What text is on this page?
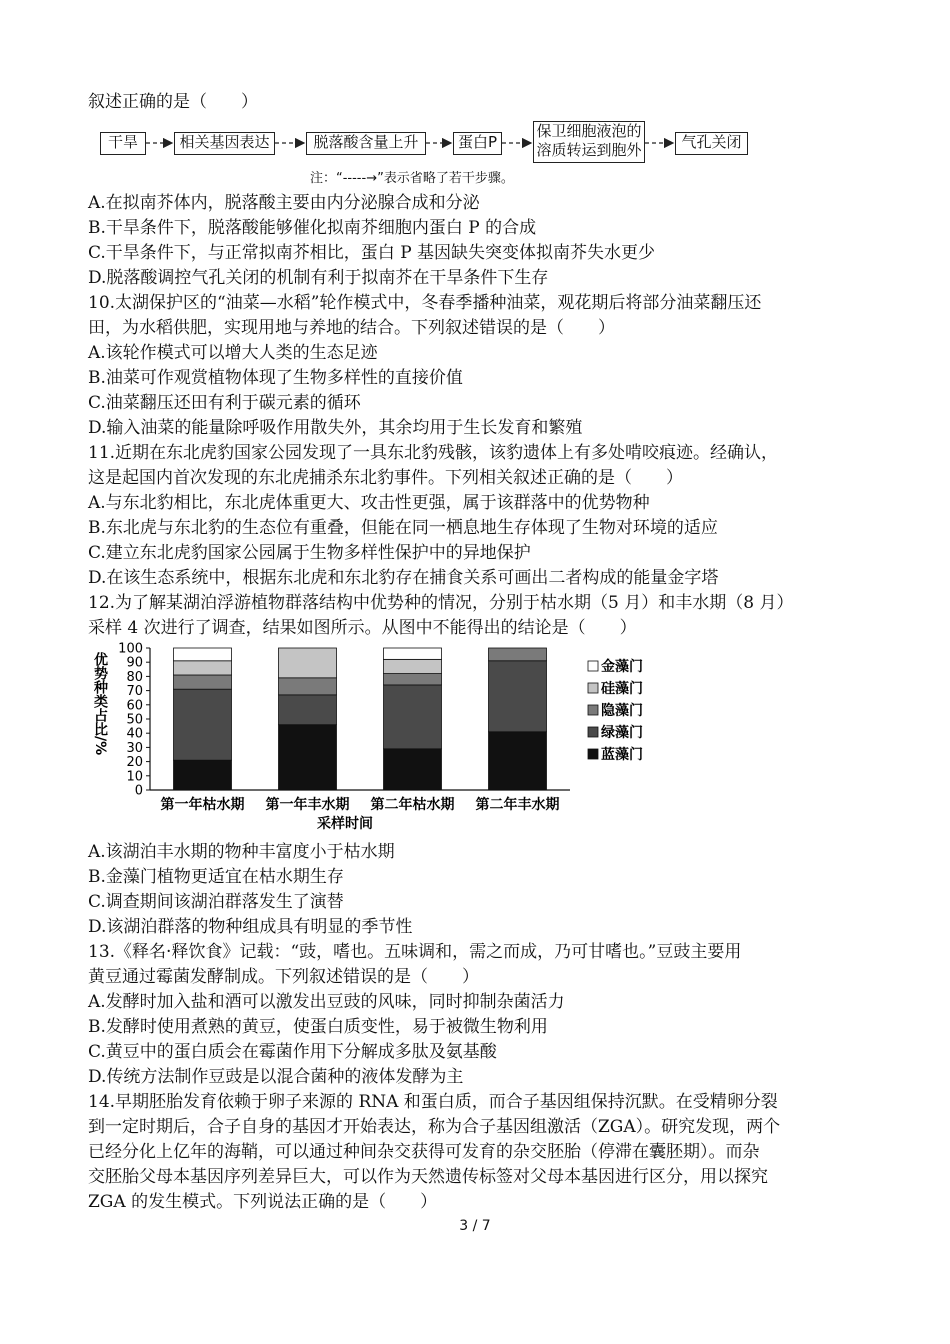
叙述正确的是（　　）
干旱	相关基因表达	脱落酸含量上升	蛋白P
保卫细胞液泡的
溶质转运到胞外	气孔关闭
注：“-----→”表示省略了若干步骤。
A.在拟南芥体内，脱落酸主要由内分泌腺合成和分泌
B.干旱条件下，脱落酸能够催化拟南芥细胞内蛋白 P 的合成
C.干旱条件下，与正常拟南芥相比，蛋白 P 基因缺失突变体拟南芥失水更少
D.脱落酸调控气孔关闭的机制有利于拟南芥在干旱条件下生存
10.太湖保护区的“油菜—水稻”轮作模式中，冬春季播种油菜，观花期后将部分油菜翻压还
田，为水稻供肥，实现用地与养地的结合。下列叙述错误的是（　　）
A.该轮作模式可以增大人类的生态足迹
B.油菜可作观赏植物体现了生物多样性的直接价值
C.油菜翻压还田有利于碳元素的循环
D.输入油菜的能量除呼吸作用散失外，其余均用于生长发育和繁殖
11.近期在东北虎豹国家公园发现了一具东北豹残骸，该豹遗体上有多处啃咬痕迹。经确认，
这是起国内首次发现的东北虎捕杀东北豹事件。下列相关叙述正确的是（　　）
A.与东北豹相比，东北虎体重更大、攻击性更强，属于该群落中的优势物种
B.东北虎与东北豹的生态位有重叠，但能在同一栖息地生存体现了生物对环境的适应
C.建立东北虎豹国家公园属于生物多样性保护中的异地保护
D.在该生态系统中，根据东北虎和东北豹存在捕食关系可画出二者构成的能量金字塔
12.为了解某湖泊浮游植物群落结构中优势种的情况，分别于枯水期（5 月）和丰水期（8 月）
采样 4 次进行了调查，结果如图所示。从图中不能得出的结论是（　　）
优势种类占比/%
0
10
20
30
40
50
60
70
80
90
100
第一年枯水期 第一年丰水期 第二年枯水期 第二年丰水期
采样时间
金藻门
硅藻门
隐藻门
绿藻门
蓝藻门
A.该湖泊丰水期的物种丰富度小于枯水期
B.金藻门植物更适宜在枯水期生存
C.调查期间该湖泊群落发生了演替
D.该湖泊群落的物种组成具有明显的季节性
13.《释名·释饮食》记载：“豉，嗜也。五味调和，需之而成，乃可甘嗜也。”豆豉主要用
黄豆通过霉菌发酵制成。下列叙述错误的是（　　）
A.发酵时加入盐和酒可以激发出豆豉的风味，同时抑制杂菌活力
B.发酵时使用煮熟的黄豆，使蛋白质变性，易于被微生物利用
C.黄豆中的蛋白质会在霉菌作用下分解成多肽及氨基酸
D.传统方法制作豆豉是以混合菌种的液体发酵为主
14.早期胚胎发育依赖于卵子来源的 RNA 和蛋白质，而合子基因组保持沉默。在受精卵分裂
到一定时期后，合子自身的基因才开始表达，称为合子基因组激活（ZGA）。研究发现，两个
已经分化上亿年的海鞘，可以通过种间杂交获得可发育的杂交胚胎（停滞在囊胚期）。而杂
交胚胎父母本基因序列差异巨大，可以作为天然遗传标签对父母本基因进行区分，用以探究
ZGA 的发生模式。下列说法正确的是（　　）
3 / 7
